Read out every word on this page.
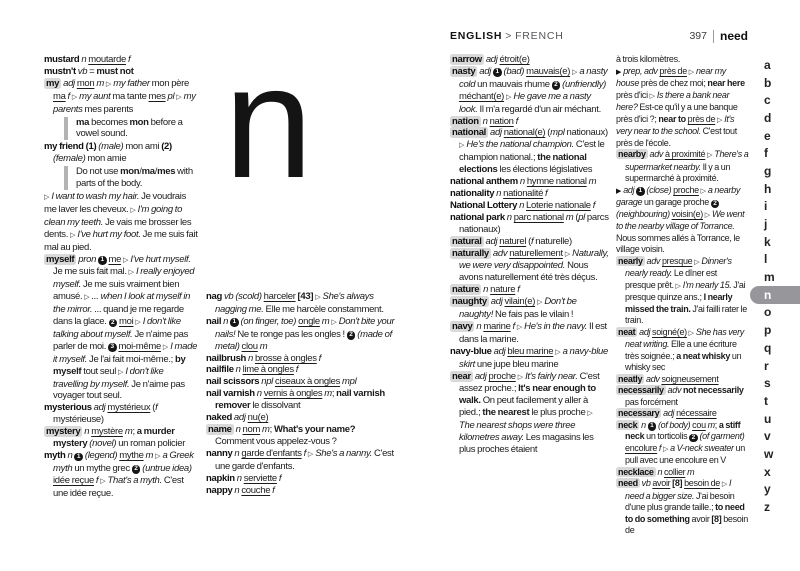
ENGLISH > FRENCH	397 need
n

mustard n moutarde f

mustn't vb = must not

my adj mon m ▷ my father mon père ma f ▷ my aunt ma tante mes pl ▷ my parents mes parents

ma becomes mon before a vowel sound.

my friend (1) (male) mon ami (2) (female) mon amie

Do not use mon/ma/mes with parts of the body.

▷ I want to wash my hair. Je voudrais me laver les cheveux. ▷ I'm going to clean my teeth. Je vais me brosser les dents. ▷ I've hurt my foot. Je me suis fait mal au pied.

myself pron 1 me ▷ I've hurt myself. Je me suis fait mal. ▷ I really enjoyed myself. Je me suis vraiment bien amusé. ▷ ... when I look at myself in the mirror. ... quand je me regarde dans la glace. 2 moi ▷ I don't like talking about myself. Je n'aime pas parler de moi. 3 moi-même ▷ I made it myself. Je l'ai fait moi-même.; by myself tout seul ▷ I don't like travelling by myself. Je n'aime pas voyager tout seul.

mysterious adj mystérieux (f mystérieuse)

mystery n mystère m; a murder mystery (novel) un roman policier

myth n 1 (legend) mythe m ▷ a Greek myth un mythe grec 2 (untrue idea) idée reçue f ▷ That's a myth. C'est une idée reçue.

nag vb (scold) harceler [43] ▷ She's always nagging me. Elle me harcèle constamment.

nail n 1 (on finger, toe) ongle m ▷ Don't bite your nails! Ne te ronge pas les ongles ! 2 (made of metal) clou m

nailbrush n brosse à ongles f

nailfile n lime à ongles f

nail scissors npl ciseaux à ongles mpl

nail varnish n vernis à ongles m; nail varnish remover le dissolvant

naked adj nu(e)

name n nom m; What's your name? Comment vous appelez-vous ?

nanny n garde d'enfants f ▷ She's a nanny. C'est une garde d'enfants.

napkin n serviette f

nappy n couche f

narrow adj étroit(e)

nasty adj 1 (bad) mauvais(e) ▷ a nasty cold un mauvais rhume 2 (unfriendly) méchant(e) ▷ He gave me a nasty look. Il m'a regardé d'un air méchant.

nation n nation f

national adj national(e) (mpl nationaux) ▷ He's the national champion. C'est le champion national.; the national elections les élections législatives

national anthem n hymne national m

nationality n nationalité f

National Lottery n Loterie nationale f

national park n parc national m (pl parcs nationaux)

natural adj naturel (f naturelle)

naturally adv naturellement ▷ Naturally, we were very disappointed. Nous avons naturellement été très déçus.

nature n nature f

naughty adj vilain(e) ▷ Don't be naughty! Ne fais pas le vilain !

navy n marine f ▷ He's in the navy. Il est dans la marine.

navy-blue adj bleu marine ▷ a navy-blue skirt une jupe bleu marine

near adj proche ▷ It's fairly near. C'est assez proche.; It's near enough to walk. On peut facilement y aller à pied.; the nearest le plus proche ▷ The nearest shops were three kilometres away. Les magasins les plus proches étaient

à trois kilomètres.

▶ prep, adv près de ▷ near my house près de chez moi; near here près d'ici ▷ Is there a bank near here? Est-ce qu'il y a une banque près d'ici ?; near to près de ▷ It's very near to the school. C'est tout près de l'école.

nearby adv à proximité ▷ There's a supermarket nearby. Il y a un supermarché à proximité.

▶ adj 1 (close) proche ▷ a nearby garage un garage proche 2 (neighbouring) voisin(e) ▷ We went to the nearby village of Torrance. Nous sommes allés à Torrance, le village voisin.

nearly adv presque ▷ Dinner's nearly ready. Le dîner est presque prêt. ▷ I'm nearly 15. J'ai presque quinze ans.; I nearly missed the train. J'ai failli rater le train.

neat adj soigné(e) ▷ She has very neat writing. Elle a une écriture très soignée.; a neat whisky un whisky sec

neatly adv soigneusement

necessarily adv not necessarily pas forcément

necessary adj nécessaire

neck n 1 (of body) cou m; a stiff neck un torticolis 2 (of garment) encolure f ▷ a V-neck sweater un pull avec une encolure en V

necklace n collier m

need vb avoir [8] besoin de ▷ I need a bigger size. J'ai besoin d'une plus grande taille.; to need to do something avoir [8] besoin de

a
b
c
d
e
f
g
h
i
j
k
l
m
n
o
p
q
r
s
t
u
v
w
x
y
z
